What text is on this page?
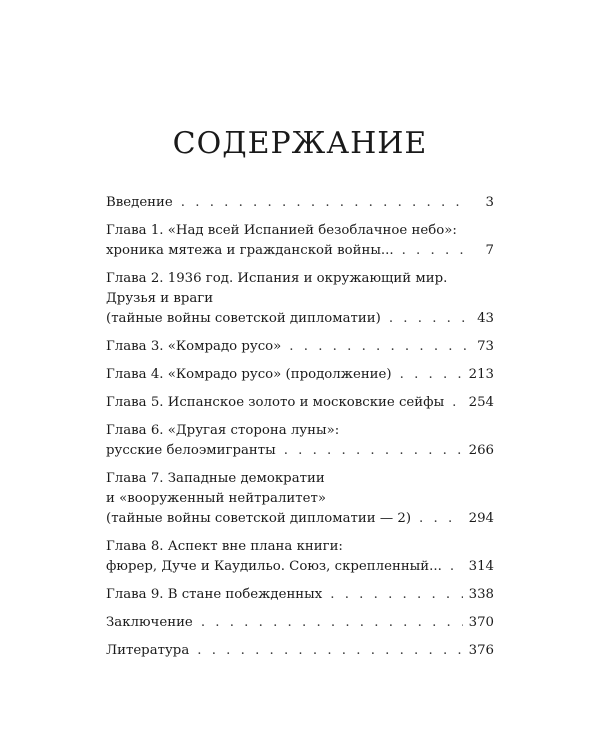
СОДЕРЖАНИЕ
Введение . . .	3
Глава 1. «Над всей Испанией безоблачное небо»:
хроника мятежа и гражданской войны... . . .	7
Глава 2. 1936 год. Испания и окружающий мир.
Друзья и враги
(тайные войны советской дипломатии) . . .	43
Глава 3. «Комрадо русо» . . .	73
Глава 4. «Комрадо русо» (продолжение) . . .	213
Глава 5. Испанское золото и московские сейфы . . . 254
Глава 6. «Другая сторона луны»:
русские белоэмигранты . . .	266
Глава 7. Западные демократии
и «вооруженный нейтралитет»
(тайные войны советской дипломатии — 2) . . .	294
Глава 8. Аспект вне плана книги:
фюрер, Дуче и Каудильо. Союз, скрепленный... . . . 314
Глава 9. В стане побежденных . . .	338
Заключение . . .	370
Литература . . .	376
